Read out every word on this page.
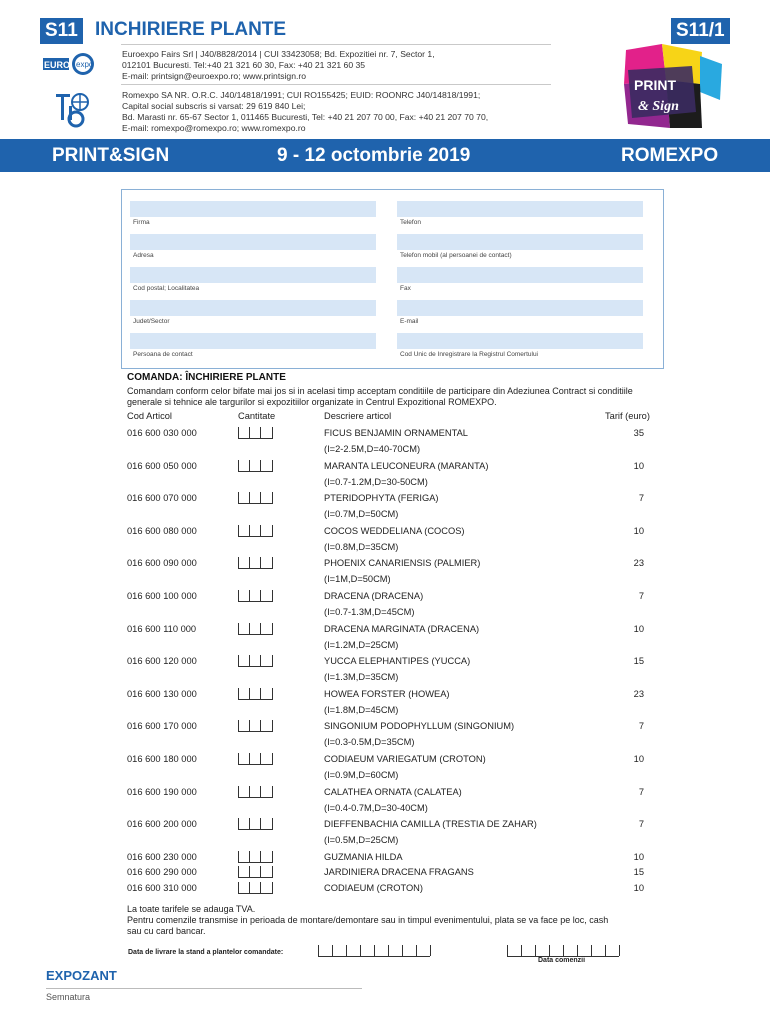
S11 INCHIRIERE PLANTE	S11/1
EURO expo
Euroexpo Fairs Srl | J40/8828/2014 | CUI 33423058; Bd. Expozitiei nr. 7, Sector 1,
012101 Bucuresti. Tel:+40 21 321 60 30, Fax: +40 21 321 60 35
E-mail: printsign@euroexpo.ro; www.printsign.ro
Romexpo SA NR. O.R.C. J40/14818/1991; CUI RO155425; EUID: ROONRC J40/14818/1991;
Capital social subscris si varsat: 29 619 840 Lei;
Bd. Marasti nr. 65-67 Sector 1, 011465 Bucuresti, Tel: +40 21 207 70 00, Fax: +40 21 207 70 70,
E-mail: romexpo@romexpo.ro; www.romexpo.ro
PRINT
& Sign
PRINT&SIGN	9 - 12 octombrie 2019	ROMEXPO
Firma	Telefon
Adresa	Telefon mobil (al persoanei de contact)
Cod postal; Localitatea	Fax
Judet/Sector	E-mail
Persoana de contact	Cod Unic de Inregistrare la Registrul Comertului
COMANDA: ÎNCHIRIERE PLANTE
Comandam conform celor bifate mai jos si in acelasi timp acceptam conditiile de participare din Adeziunea Contract si conditiile
generale si tehnice ale targurilor si expozitiilor organizate in Centrul Expozitional ROMEXPO.
Cod Articol	Cantitate	Descriere articol	Tarif (euro)
016 600 030 000	FICUS BENJAMIN ORNAMENTAL	35
(I=2-2.5M,D=40-70CM)
016 600 050 000	MARANTA LEUCONEURA (MARANTA)	10
(I=0.7-1.2M,D=30-50CM)
016 600 070 000	PTERIDOPHYTA (FERIGA)	7
(I=0.7M,D=50CM)
016 600 080 000	COCOS WEDDELIANA (COCOS)	10
(I=0.8M,D=35CM)
016 600 090 000	PHOENIX CANARIENSIS (PALMIER)	23
(I=1M,D=50CM)
016 600 100 000	DRACENA (DRACENA)	7
(I=0.7-1.3M,D=45CM)
016 600 110 000	DRACENA MARGINATA (DRACENA)	10
(I=1.2M,D=25CM)
016 600 120 000	YUCCA ELEPHANTIPES (YUCCA)	15
(I=1.3M,D=35CM)
016 600 130 000	HOWEA FORSTER (HOWEA)	23
(I=1.8M,D=45CM)
016 600 170 000	SINGONIUM PODOPHYLLUM (SINGONIUM)	7
(I=0.3-0.5M,D=35CM)
016 600 180 000	CODIAEUM VARIEGATUM (CROTON)	10
(I=0.9M,D=60CM)
016 600 190 000	CALATHEA ORNATA (CALATEA)	7
(I=0.4-0.7M,D=30-40CM)
016 600 200 000	DIEFFENBACHIA CAMILLA (TRESTIA DE ZAHAR)	7
(I=0.5M,D=25CM)
016 600 230 000	GUZMANIA HILDA	10
016 600 290 000	JARDINIERA DRACENA FRAGANS	15
016 600 310 000	CODIAEUM (CROTON)	10
La toate tarifele se adauga TVA.
Pentru comenzile transmise in perioada de montare/demontare sau in timpul evenimentului, plata se va face pe loc, cash
sau cu card bancar.
Data de livrare la stand a plantelor comandate:
Data comenzii
EXPOZANT
Semnatura
